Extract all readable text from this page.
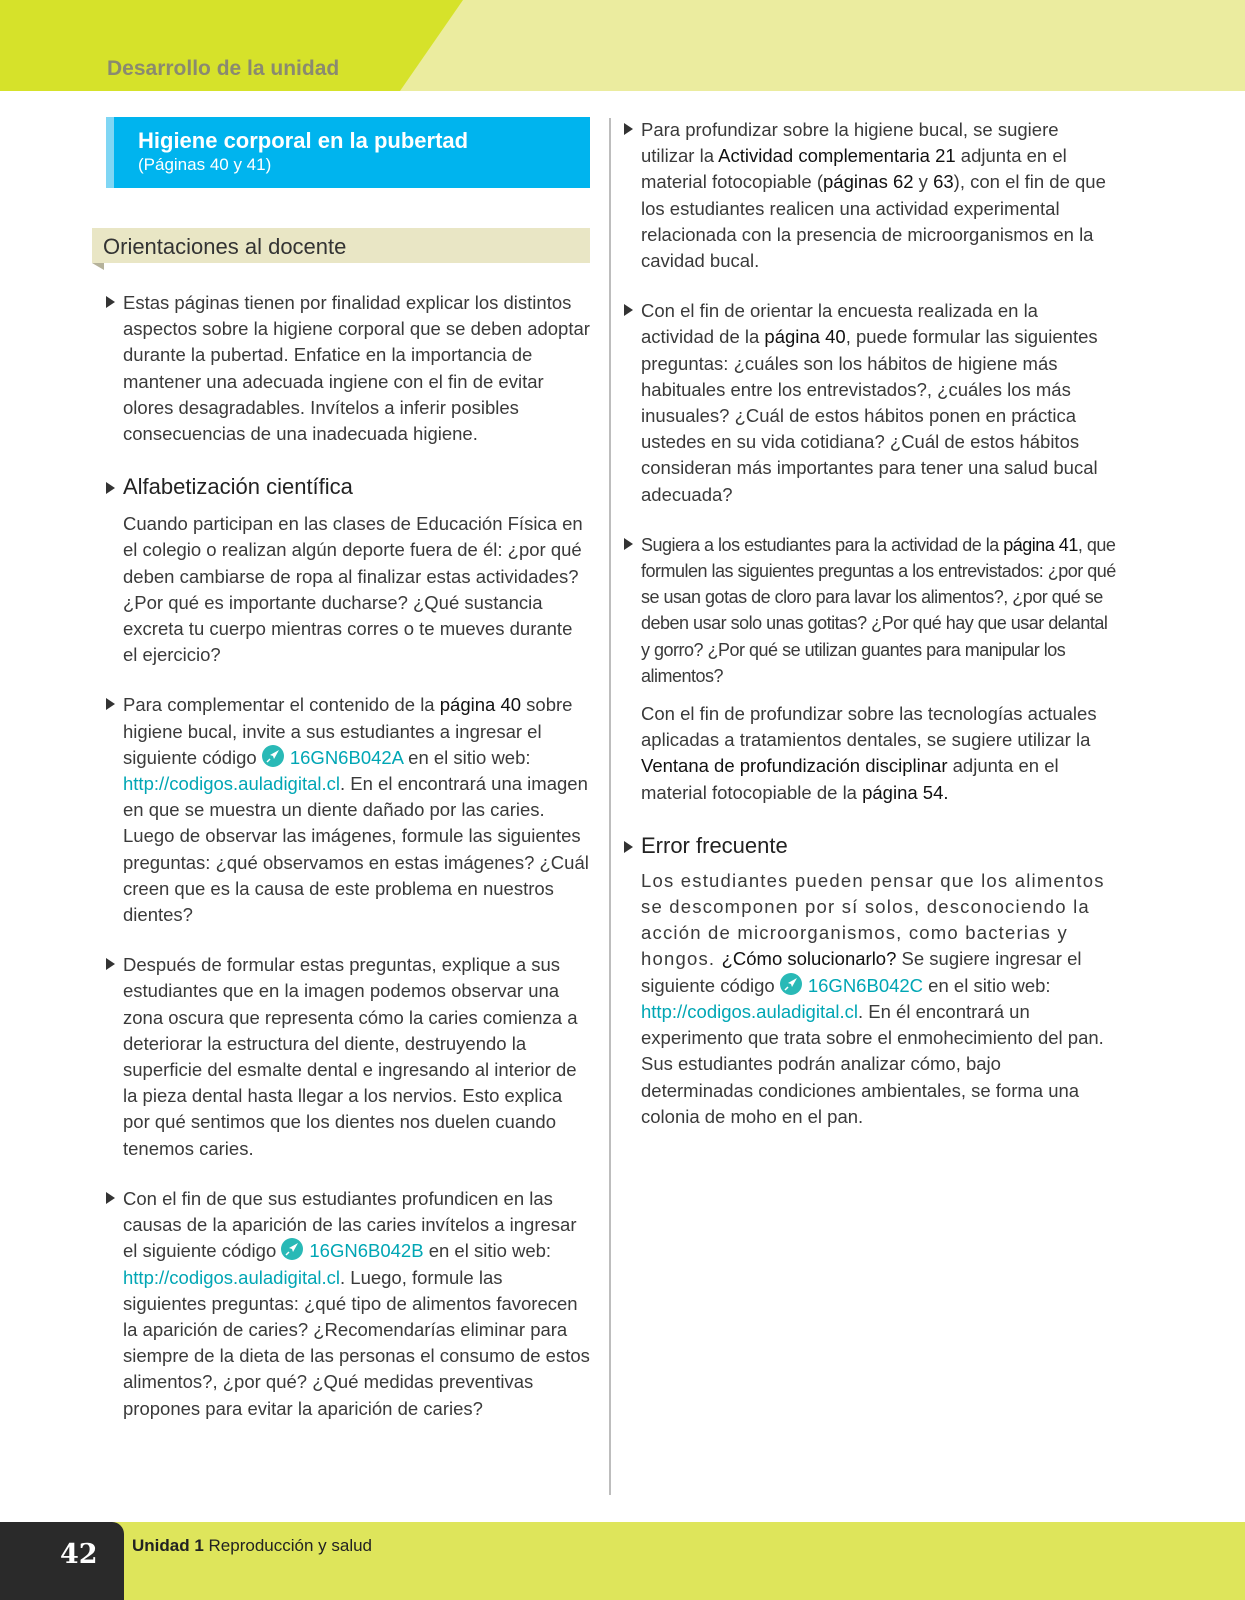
Desarrollo de la unidad
Higiene corporal en la pubertad
(Páginas 40 y 41)
Orientaciones al docente
Estas páginas tienen por finalidad explicar los distintos aspectos sobre la higiene corporal que se deben adoptar durante la pubertad. Enfatice en la importancia de mantener una adecuada ingiene con el fin de evitar olores desagradables. Invítelos a inferir posibles consecuencias de una inadecuada higiene.
Alfabetización científica
Cuando participan en las clases de Educación Física en el colegio o realizan algún deporte fuera de él: ¿por qué deben cambiarse de ropa al finalizar estas actividades? ¿Por qué es importante ducharse? ¿Qué sustancia excreta tu cuerpo mientras corres o te mueves durante el ejercicio?
Para complementar el contenido de la página 40 sobre higiene bucal, invite a sus estudiantes a ingresar el siguiente código
16GN6B042A en el sitio web: http://codigos.auladigital.cl. En el encontrará una imagen en que se muestra un diente dañado por las caries. Luego de observar las imágenes, formule las siguientes preguntas: ¿qué observamos en estas imágenes? ¿Cuál creen que es la causa de este problema en nuestros dientes?
Después de formular estas preguntas, explique a sus estudiantes que en la imagen podemos observar una zona oscura que representa cómo la caries comienza a deteriorar la estructura del diente, destruyendo la superficie del esmalte dental e ingresando al interior de la pieza dental hasta llegar a los nervios. Esto explica por qué sentimos que los dientes nos duelen cuando tenemos caries.
Con el fin de que sus estudiantes profundicen en las causas de la aparición de las caries invítelos a ingresar el siguiente código
16GN6B042B en el sitio web: http://codigos.auladigital.cl. Luego, formule las siguientes preguntas: ¿qué tipo de alimentos favorecen la aparición de caries? ¿Recomendarías eliminar para siempre de la dieta de las personas el consumo de estos alimentos?, ¿por qué? ¿Qué medidas preventivas propones para evitar la aparición de caries?
Para profundizar sobre la higiene bucal, se sugiere utilizar la Actividad complementaria 21 adjunta en el material fotocopiable (páginas 62 y 63), con el fin de que los estudiantes realicen una actividad experimental relacionada con la presencia de microorganismos en la cavidad bucal.
Con el fin de orientar la encuesta realizada en la actividad de la página 40, puede formular las siguientes preguntas: ¿cuáles son los hábitos de higiene más habituales entre los entrevistados?, ¿cuáles los más inusuales? ¿Cuál de estos hábitos ponen en práctica ustedes en su vida cotidiana? ¿Cuál de estos hábitos consideran más importantes para tener una salud bucal adecuada?
Sugiera a los estudiantes para la actividad de la página 41, que formulen las siguientes preguntas a los entrevistados: ¿por qué se usan gotas de cloro para lavar los alimentos?, ¿por qué se deben usar solo unas gotitas? ¿Por qué hay que usar delantal y gorro? ¿Por qué se utilizan guantes para manipular los alimentos?
Con el fin de profundizar sobre las tecnologías actuales aplicadas a tratamientos dentales, se sugiere utilizar la Ventana de profundización disciplinar adjunta en el material fotocopiable de la página 54.
Error frecuente
Los estudiantes pueden pensar que los alimentos se descomponen por sí solos, desconociendo la acción de microorganismos, como bacterias y hongos. ¿Cómo solucionarlo? Se sugiere ingresar el siguiente código
16GN6B042C en el sitio web: http://codigos.auladigital.cl. En él encontrará un experimento que trata sobre el enmohecimiento del pan. Sus estudiantes podrán analizar cómo, bajo determinadas condiciones ambientales, se forma una colonia de moho en el pan.
42 Unidad 1 Reproducción y salud
